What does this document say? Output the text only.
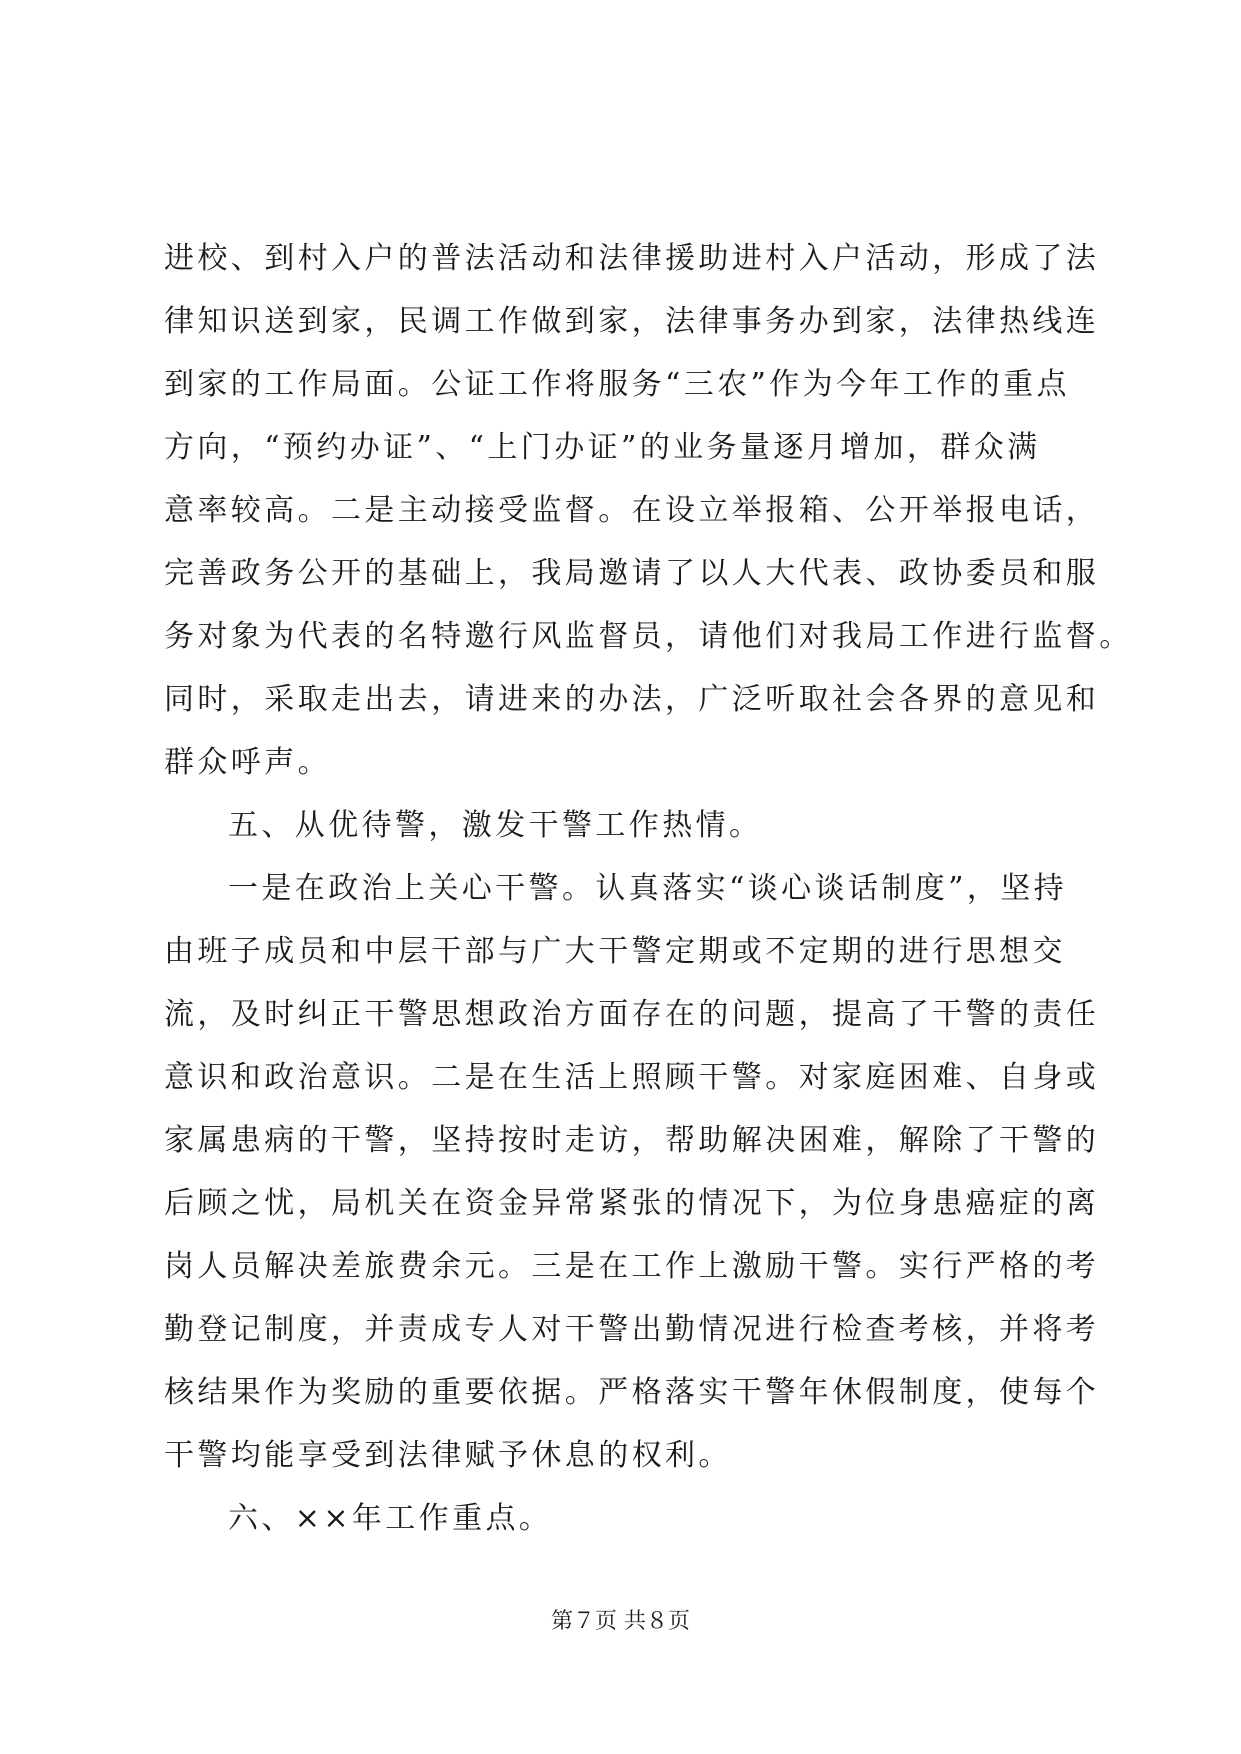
进校、到村入户的普法活动和法律援助进村入户活动，形成了法
律知识送到家，民调工作做到家，法律事务办到家，法律热线连
到家的工作局面。公证工作将服务“三农”作为今年工作的重点
方向，“预约办证”、“上门办证”的业务量逐月增加，群众满
意率较高。二是主动接受监督。在设立举报箱、公开举报电话，
完善政务公开的基础上，我局邀请了以人大代表、政协委员和服
务对象为代表的名特邀行风监督员，请他们对我局工作进行监督。
同时，采取走出去，请进来的办法，广泛听取社会各界的意见和
群众呼声。
五、从优待警，激发干警工作热情。
一是在政治上关心干警。认真落实“谈心谈话制度”，坚持
由班子成员和中层干部与广大干警定期或不定期的进行思想交
流，及时纠正干警思想政治方面存在的问题，提高了干警的责任
意识和政治意识。二是在生活上照顾干警。对家庭困难、自身或
家属患病的干警，坚持按时走访，帮助解决困难，解除了干警的
后顾之忧，局机关在资金异常紧张的情况下，为位身患癌症的离
岗人员解决差旅费余元。三是在工作上激励干警。实行严格的考
勤登记制度，并责成专人对干警出勤情况进行检查考核，并将考
核结果作为奖励的重要依据。严格落实干警年休假制度，使每个
干警均能享受到法律赋予休息的权利。
六、××年工作重点。
第７页 共８页
